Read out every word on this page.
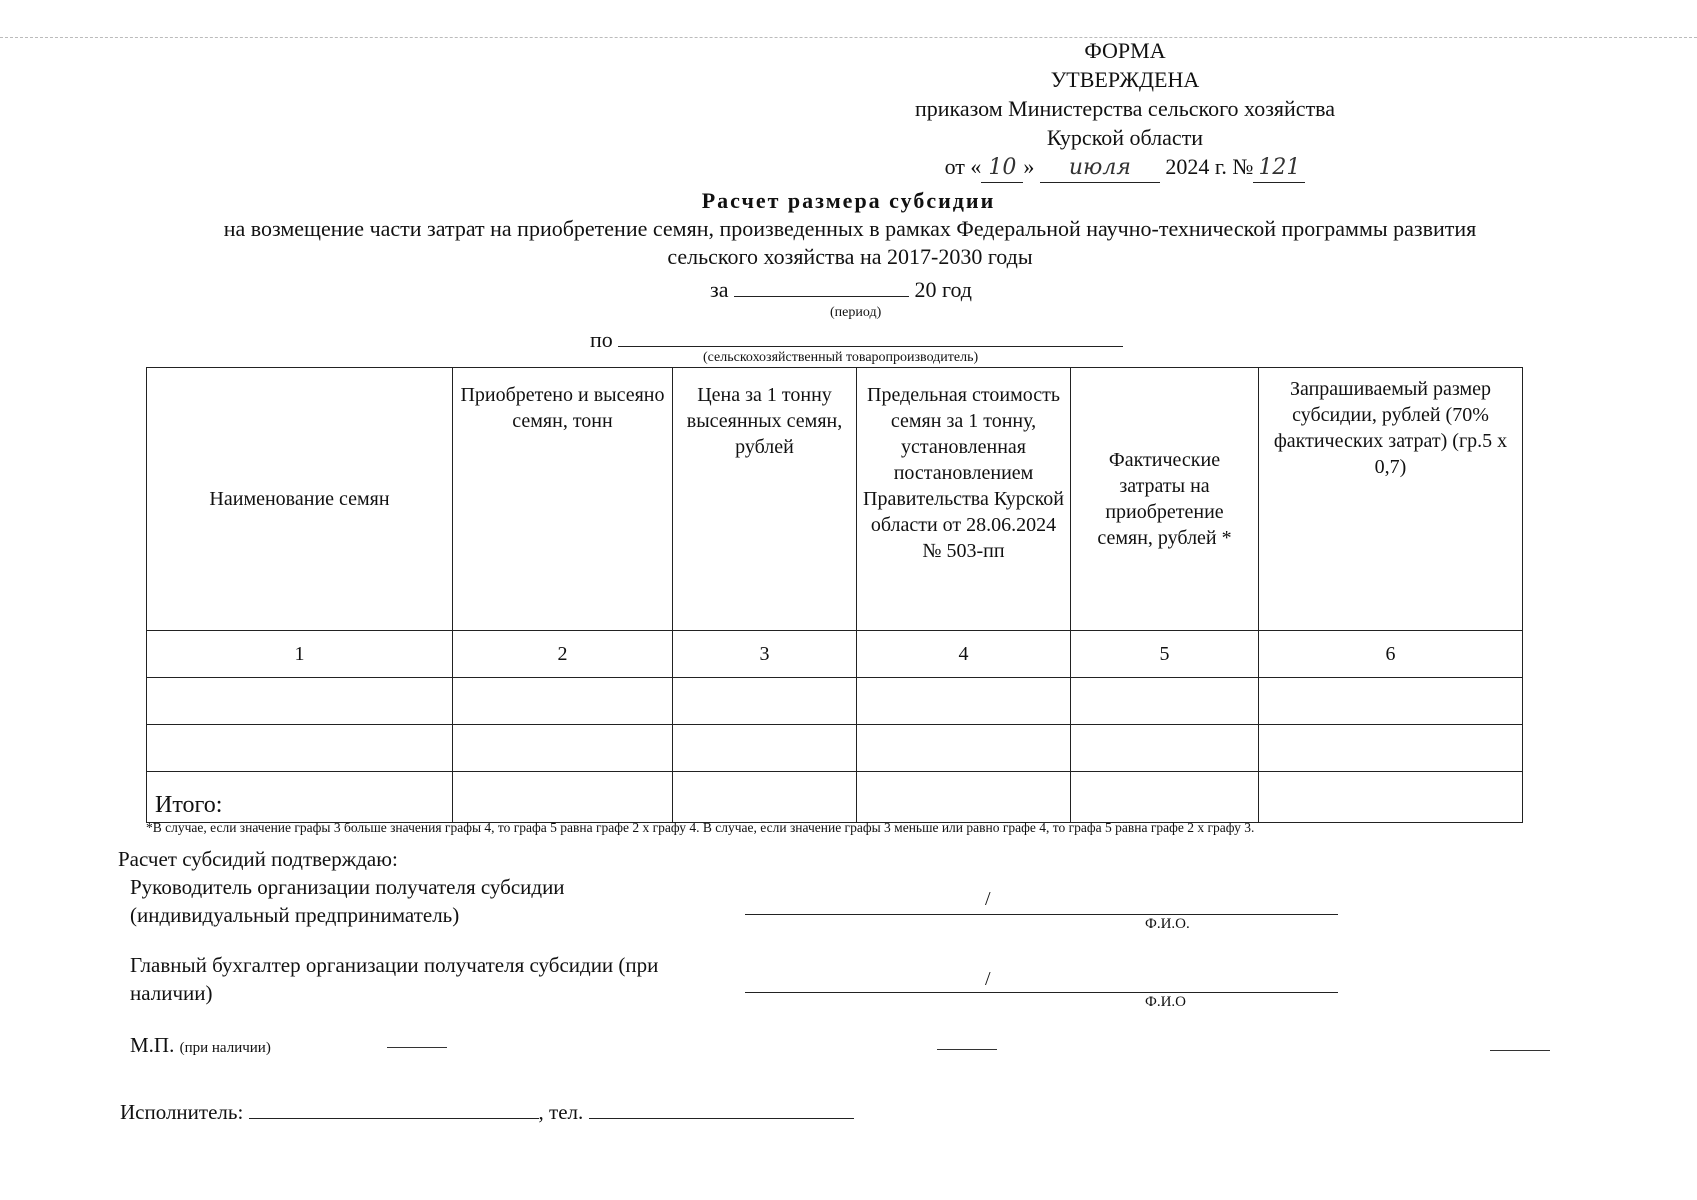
ФОРМА
УТВЕРЖДЕНА
приказом Министерства сельского хозяйства
Курской области
от « 10 » июля 2024 г. № 121
Расчет размера субсидии
на возмещение части затрат на приобретение семян, произведенных в рамках Федеральной научно-технической программы развития
сельского хозяйства на 2017-2030 годы
за	20 год
(период)
по
(сельскохозяйственный товаропроизводитель)
Наименование семян	Приобретено и высеяно семян, тонн	Цена за 1 тонну высеянных семян, рублей	Предельная стоимость семян за 1 тонну, установленная постановлением Правительства Курской области от 28.06.2024 № 503-пп	Фактические затраты на приобретение семян, рублей *	Запрашиваемый размер субсидии, рублей (70% фактических затрат) (гр.5 х 0,7)
1	2	3	4	5	6

Итого:					
*В случае, если значение графы 3 больше значения графы 4, то графа 5 равна графе 2 х графу 4. В случае, если значение графы 3 меньше или равно графе 4, то графа 5 равна графе 2 х графу 3.
Расчет субсидий подтверждаю:
Руководитель организации получателя субсидии
(индивидуальный предприниматель)
/
Ф.И.О.
Главный бухгалтер организации получателя субсидии (при
наличии)
/
Ф.И.О
М.П. (при наличии)
Исполнитель:	, тел.
